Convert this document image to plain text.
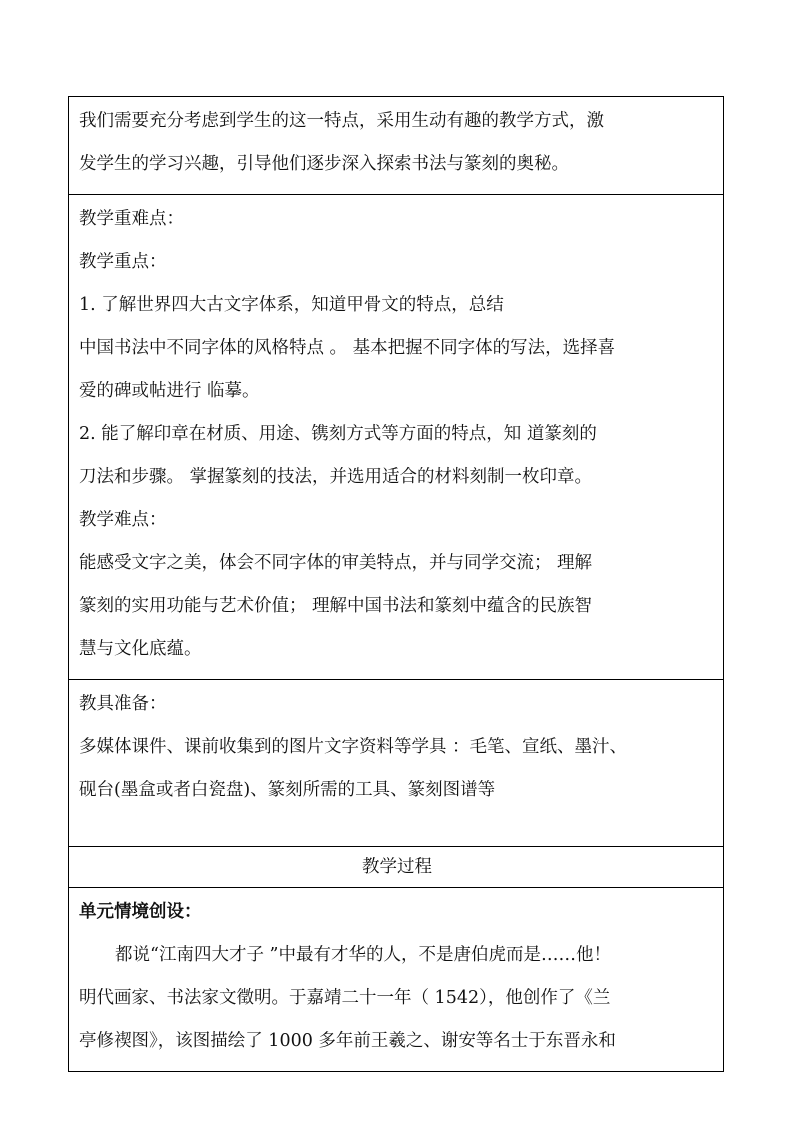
我们需要充分考虑到学生的这一特点，采用生动有趣的教学方式，激
发学生的学习兴趣，引导他们逐步深入探索书法与篆刻的奥秘。

教学重难点：
教学重点：
1. 了解世界四大古文字体系，知道甲骨文的特点，总结
中国书法中不同字体的风格特点 。 基本把握不同字体的写法，选择喜
爱的碑或帖进行 临摹。
2. 能了解印章在材质、用途、镌刻方式等方面的特点，知 道篆刻的
刀法和步骤。 掌握篆刻的技法，并选用适合的材料刻制一枚印章。
教学难点：
能感受文字之美，体会不同字体的审美特点，并与同学交流； 理解
篆刻的实用功能与艺术价值； 理解中国书法和篆刻中蕴含的民族智
慧与文化底蕴。

教具准备：
多媒体课件、课前收集到的图片文字资料等学具 ：毛笔、宣纸、墨汁、
砚台(墨盒或者白瓷盘)、篆刻所需的工具、篆刻图谱等

教学过程

单元情境创设：
都说“江南四大才子 ”中最有才华的人，不是唐伯虎而是……他！
明代画家、书法家文徵明。于嘉靖二十一年（ 1542），他创作了《兰
亭修禊图》，该图描绘了 1000 多年前王羲之、谢安等名士于东晋永和
